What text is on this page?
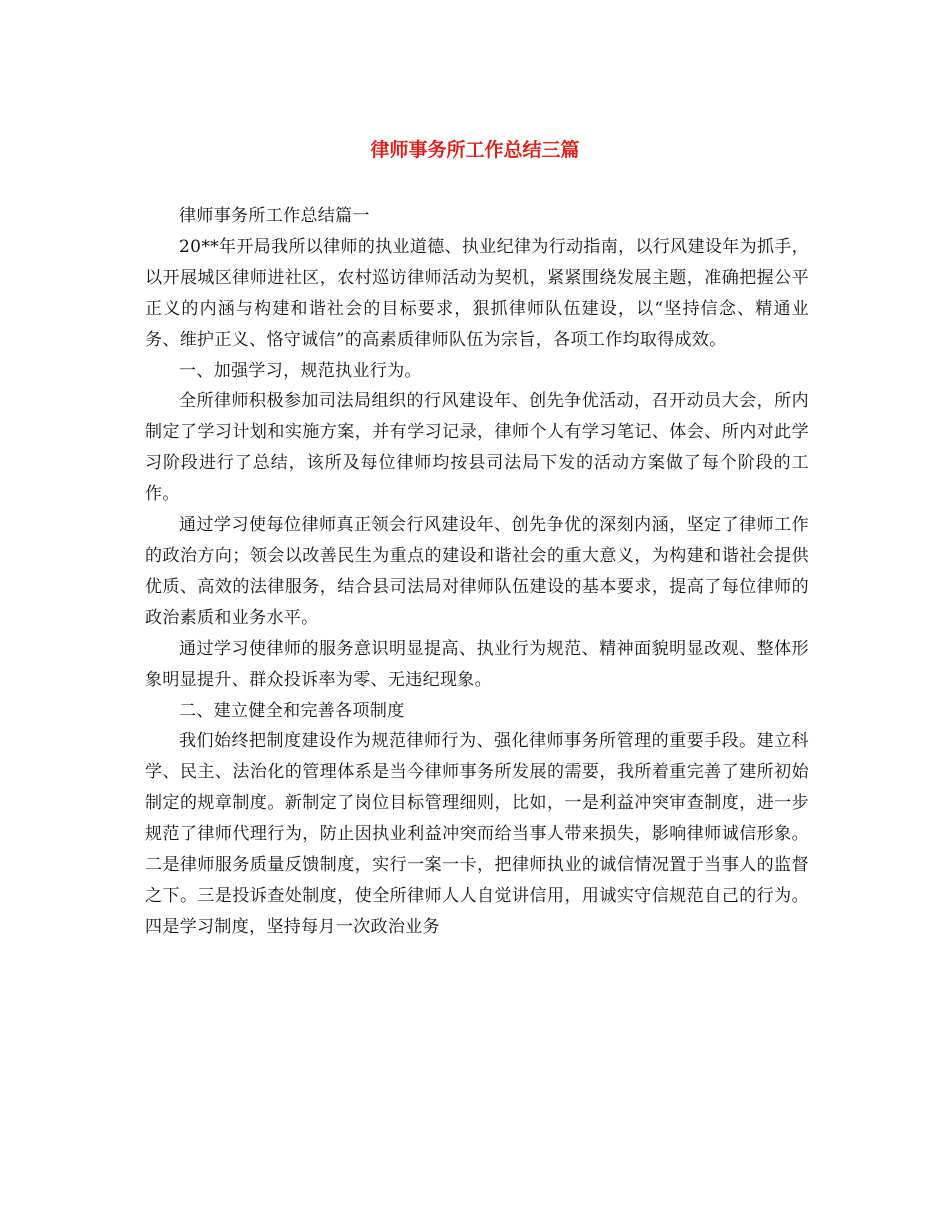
律师事务所工作总结三篇

律师事务所工作总结篇一

20**年开局我所以律师的执业道德、执业纪律为行动指南，以行风建设年为抓手，以开展城区律师进社区，农村巡访律师活动为契机，紧紧围绕发展主题，准确把握公平正义的内涵与构建和谐社会的目标要求，狠抓律师队伍建设，以“坚持信念、精通业务、维护正义、恪守诚信”的高素质律师队伍为宗旨，各项工作均取得成效。

一、加强学习，规范执业行为。

全所律师积极参加司法局组织的行风建设年、创先争优活动，召开动员大会，所内制定了学习计划和实施方案，并有学习记录，律师个人有学习笔记、体会、所内对此学习阶段进行了总结，该所及每位律师均按县司法局下发的活动方案做了每个阶段的工作。

通过学习使每位律师真正领会行风建设年、创先争优的深刻内涵，坚定了律师工作的政治方向；领会以改善民生为重点的建设和谐社会的重大意义，为构建和谐社会提供优质、高效的法律服务，结合县司法局对律师队伍建设的基本要求，提高了每位律师的政治素质和业务水平。

通过学习使律师的服务意识明显提高、执业行为规范、精神面貌明显改观、整体形象明显提升、群众投诉率为零、无违纪现象。

二、建立健全和完善各项制度

我们始终把制度建设作为规范律师行为、强化律师事务所管理的重要手段。建立科学、民主、法治化的管理体系是当今律师事务所发展的需要，我所着重完善了建所初始制定的规章制度。新制定了岗位目标管理细则，比如，一是利益冲突审查制度，进一步规范了律师代理行为，防止因执业利益冲突而给当事人带来损失，影响律师诚信形象。二是律师服务质量反馈制度，实行一案一卡，把律师执业的诚信情况置于当事人的监督之下。三是投诉查处制度，使全所律师人人自觉讲信用，用诚实守信规范自己的行为。四是学习制度，坚持每月一次政治业务
